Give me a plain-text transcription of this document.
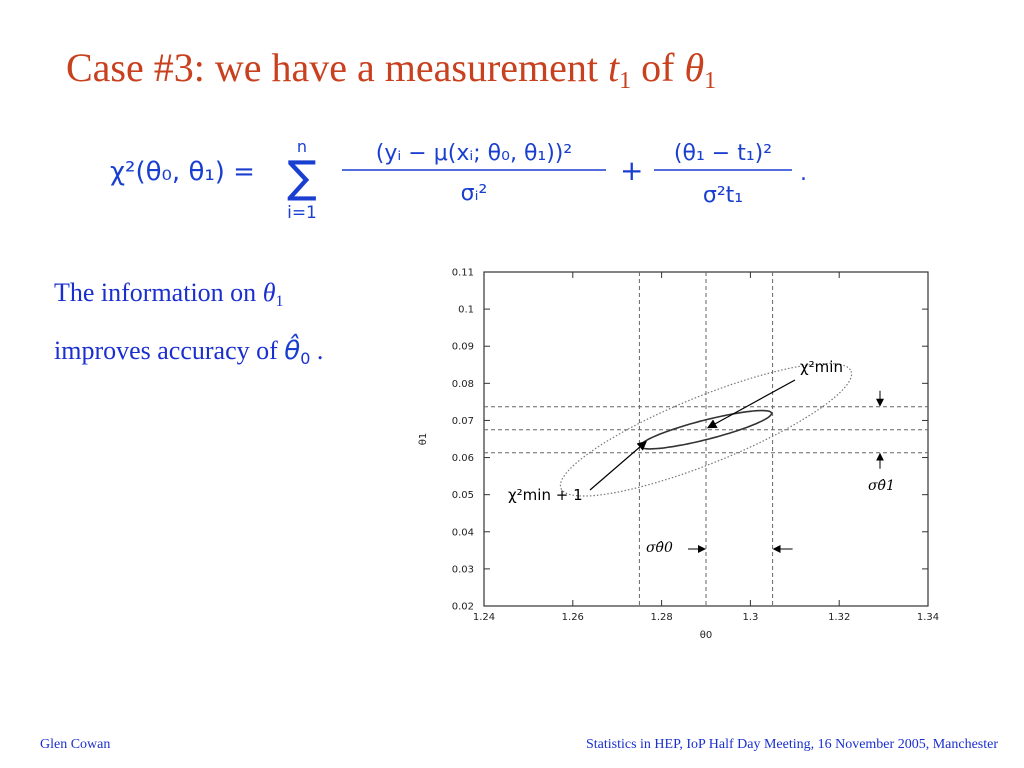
Case #3: we have a measurement $t_1$ of $\theta_1$
χ²(θ₀, θ₁) =
n
∑
i=1
(yᵢ − μ(xᵢ; θ₀, θ₁))²
σᵢ²
+
(θ₁ − t₁)²
σ²t₁
.
The information on $\theta_1$
improves accuracy of $\thetâ_0$ .
1.24	1.26	1.28	1.3	1.32	1.34
0.02
0.03
0.04
0.05
0.06
0.07
0.08
0.09
0.1
0.11
θ0
θ1
χ²min
χ²min + 1
σθ̂0
σθ̂1
Glen Cowan	Statistics in HEP, IoP Half Day Meeting, 16 November 2005, Manchester
